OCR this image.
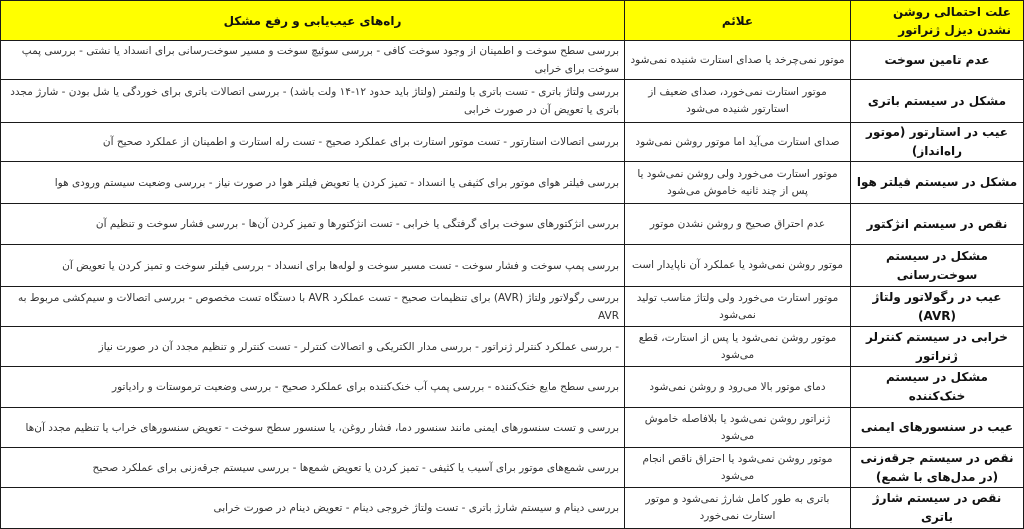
علت احتمالی روشن نشدن دیزل ژنراتور	علائم	راه‌های عیب‌یابی و رفع مشکل
عدم تامین سوخت	موتور نمی‌چرخد یا صدای استارت شنیده نمی‌شود	بررسی سطح سوخت و اطمینان از وجود سوخت کافی - بررسی سوئیچ سوخت و مسیر سوخت‌رسانی برای انسداد یا نشتی - بررسی پمپ سوخت برای خرابی
مشکل در سیستم باتری	موتور استارت نمی‌خورد، صدای ضعیف از استارتور شنیده می‌شود	بررسی ولتاژ باتری - تست باتری با ولتمتر (ولتاژ باید حدود ۱۲-۱۴ ولت باشد) - بررسی اتصالات باتری برای خوردگی یا شل بودن - شارژ مجدد باتری یا تعویض آن در صورت خرابی
عیب در استارتور (موتور راه‌انداز)	صدای استارت می‌آید اما موتور روشن نمی‌شود	بررسی اتصالات استارتور - تست موتور استارت برای عملکرد صحیح - تست رله استارت و اطمینان از عملکرد صحیح آن
مشکل در سیستم فیلتر هوا	موتور استارت می‌خورد ولی روشن نمی‌شود یا پس از چند ثانیه خاموش می‌شود	بررسی فیلتر هوای موتور برای کثیفی یا انسداد - تمیز کردن یا تعویض فیلتر هوا در صورت نیاز - بررسی وضعیت سیستم ورودی هوا
نقص در سیستم انژکتور	عدم احتراق صحیح و روشن نشدن موتور	بررسی انژکتورهای سوخت برای گرفتگی یا خرابی - تست انژکتورها و تمیز کردن آن‌ها - بررسی فشار سوخت و تنظیم آن
مشکل در سیستم سوخت‌رسانی	موتور روشن نمی‌شود یا عملکرد آن ناپایدار است	بررسی پمپ سوخت و فشار سوخت - تست مسیر سوخت و لوله‌ها برای انسداد - بررسی فیلتر سوخت و تمیز کردن یا تعویض آن
عیب در رگولاتور ولتاژ (AVR)	موتور استارت می‌خورد ولی ولتاژ مناسب تولید نمی‌شود	بررسی رگولاتور ولتاژ (AVR) برای تنظیمات صحیح - تست عملکرد AVR با دستگاه تست مخصوص - بررسی اتصالات و سیم‌کشی مربوط به AVR
خرابی در سیستم کنترلر ژنراتور	موتور روشن نمی‌شود یا پس از استارت، قطع می‌شود	- بررسی عملکرد کنترلر ژنراتور - بررسی مدار الکتریکی و اتصالات کنترلر - تست کنترلر و تنظیم مجدد آن در صورت نیاز
مشکل در سیستم خنک‌کننده	دمای موتور بالا می‌رود و روشن نمی‌شود	بررسی سطح مایع خنک‌کننده - بررسی پمپ آب خنک‌کننده برای عملکرد صحیح - بررسی وضعیت ترموستات و رادیاتور
عیب در سنسورهای ایمنی	ژنراتور روشن نمی‌شود یا بلافاصله خاموش می‌شود	بررسی و تست سنسورهای ایمنی مانند سنسور دما، فشار روغن، یا سنسور سطح سوخت - تعویض سنسورهای خراب یا تنظیم مجدد آن‌ها
نقص در سیستم جرقه‌زنی (در مدل‌های با شمع)	موتور روشن نمی‌شود یا احتراق ناقص انجام می‌شود	بررسی شمع‌های موتور برای آسیب یا کثیفی - تمیز کردن یا تعویض شمع‌ها - بررسی سیستم جرقه‌زنی برای عملکرد صحیح
نقص در سیستم شارژ باتری	باتری به طور کامل شارژ نمی‌شود و موتور استارت نمی‌خورد	بررسی دینام و سیستم شارژ باتری - تست ولتاژ خروجی دینام - تعویض دینام در صورت خرابی
